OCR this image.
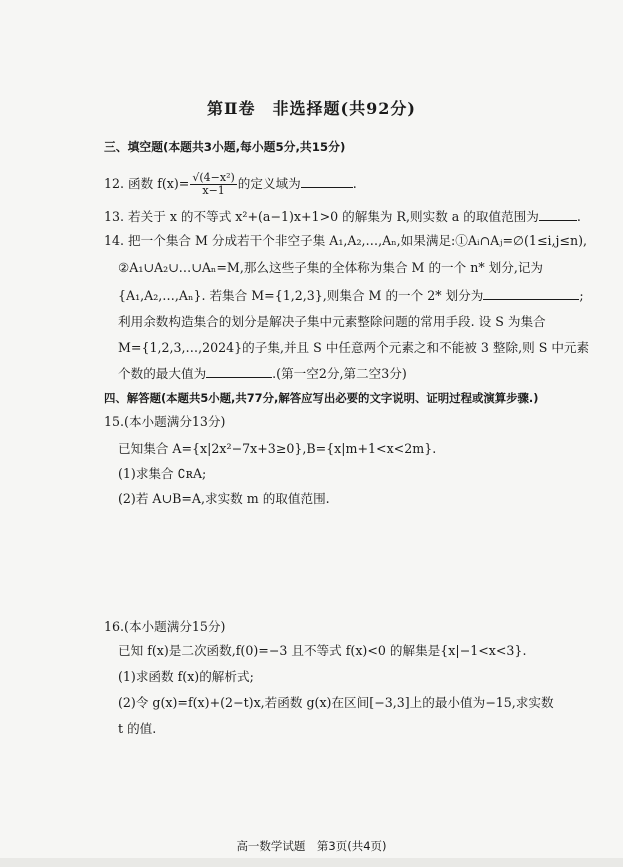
第Ⅱ卷　非选择题(共92分)
三、填空题(本题共3小题,每小题5分,共15分)
12. 函数 $f(x)= \frac{\text{√(4−x²)}}{x-1}$ 的定义域为	.
13. 若关于 x 的不等式 x²+(a−1)x+1>0 的解集为 R,则实数 a 的取值范围为	.
14. 把一个集合 M 分成若干个非空子集 A₁,A₂,…,Aₙ,如果满足:①Aᵢ∩Aⱼ=∅(1≤i,j≤n),
②A₁∪A₂∪…∪Aₙ=M,那么这些子集的全体称为集合 M 的一个 n* 划分,记为
{A₁,A₂,…,Aₙ}. 若集合 M={1,2,3},则集合 M 的一个 2* 划分为	;
利用余数构造集合的划分是解决子集中元素整除问题的常用手段. 设 S 为集合
M={1,2,3,…,2024}的子集,并且 S 中任意两个元素之和不能被 3 整除,则 S 中元素
个数的最大值为	.(第一空2分,第二空3分)
四、解答题(本题共5小题,共77分,解答应写出必要的文字说明、证明过程或演算步骤.)
15.(本小题满分13分)
已知集合 A={x|2x²−7x+3≥0},B={x|m+1<x<2m}.
(1)求集合 ∁ʀA;
(2)若 A∪B=A,求实数 m 的取值范围.
16.(本小题满分15分)
已知 f(x)是二次函数,f(0)=−3 且不等式 f(x)<0 的解集是{x|−1<x<3}.
(1)求函数 f(x)的解析式;
(2)令 g(x)=f(x)+(2−t)x,若函数 g(x)在区间[−3,3]上的最小值为−15,求实数
t 的值.
高一数学试题　第3页(共4页)
